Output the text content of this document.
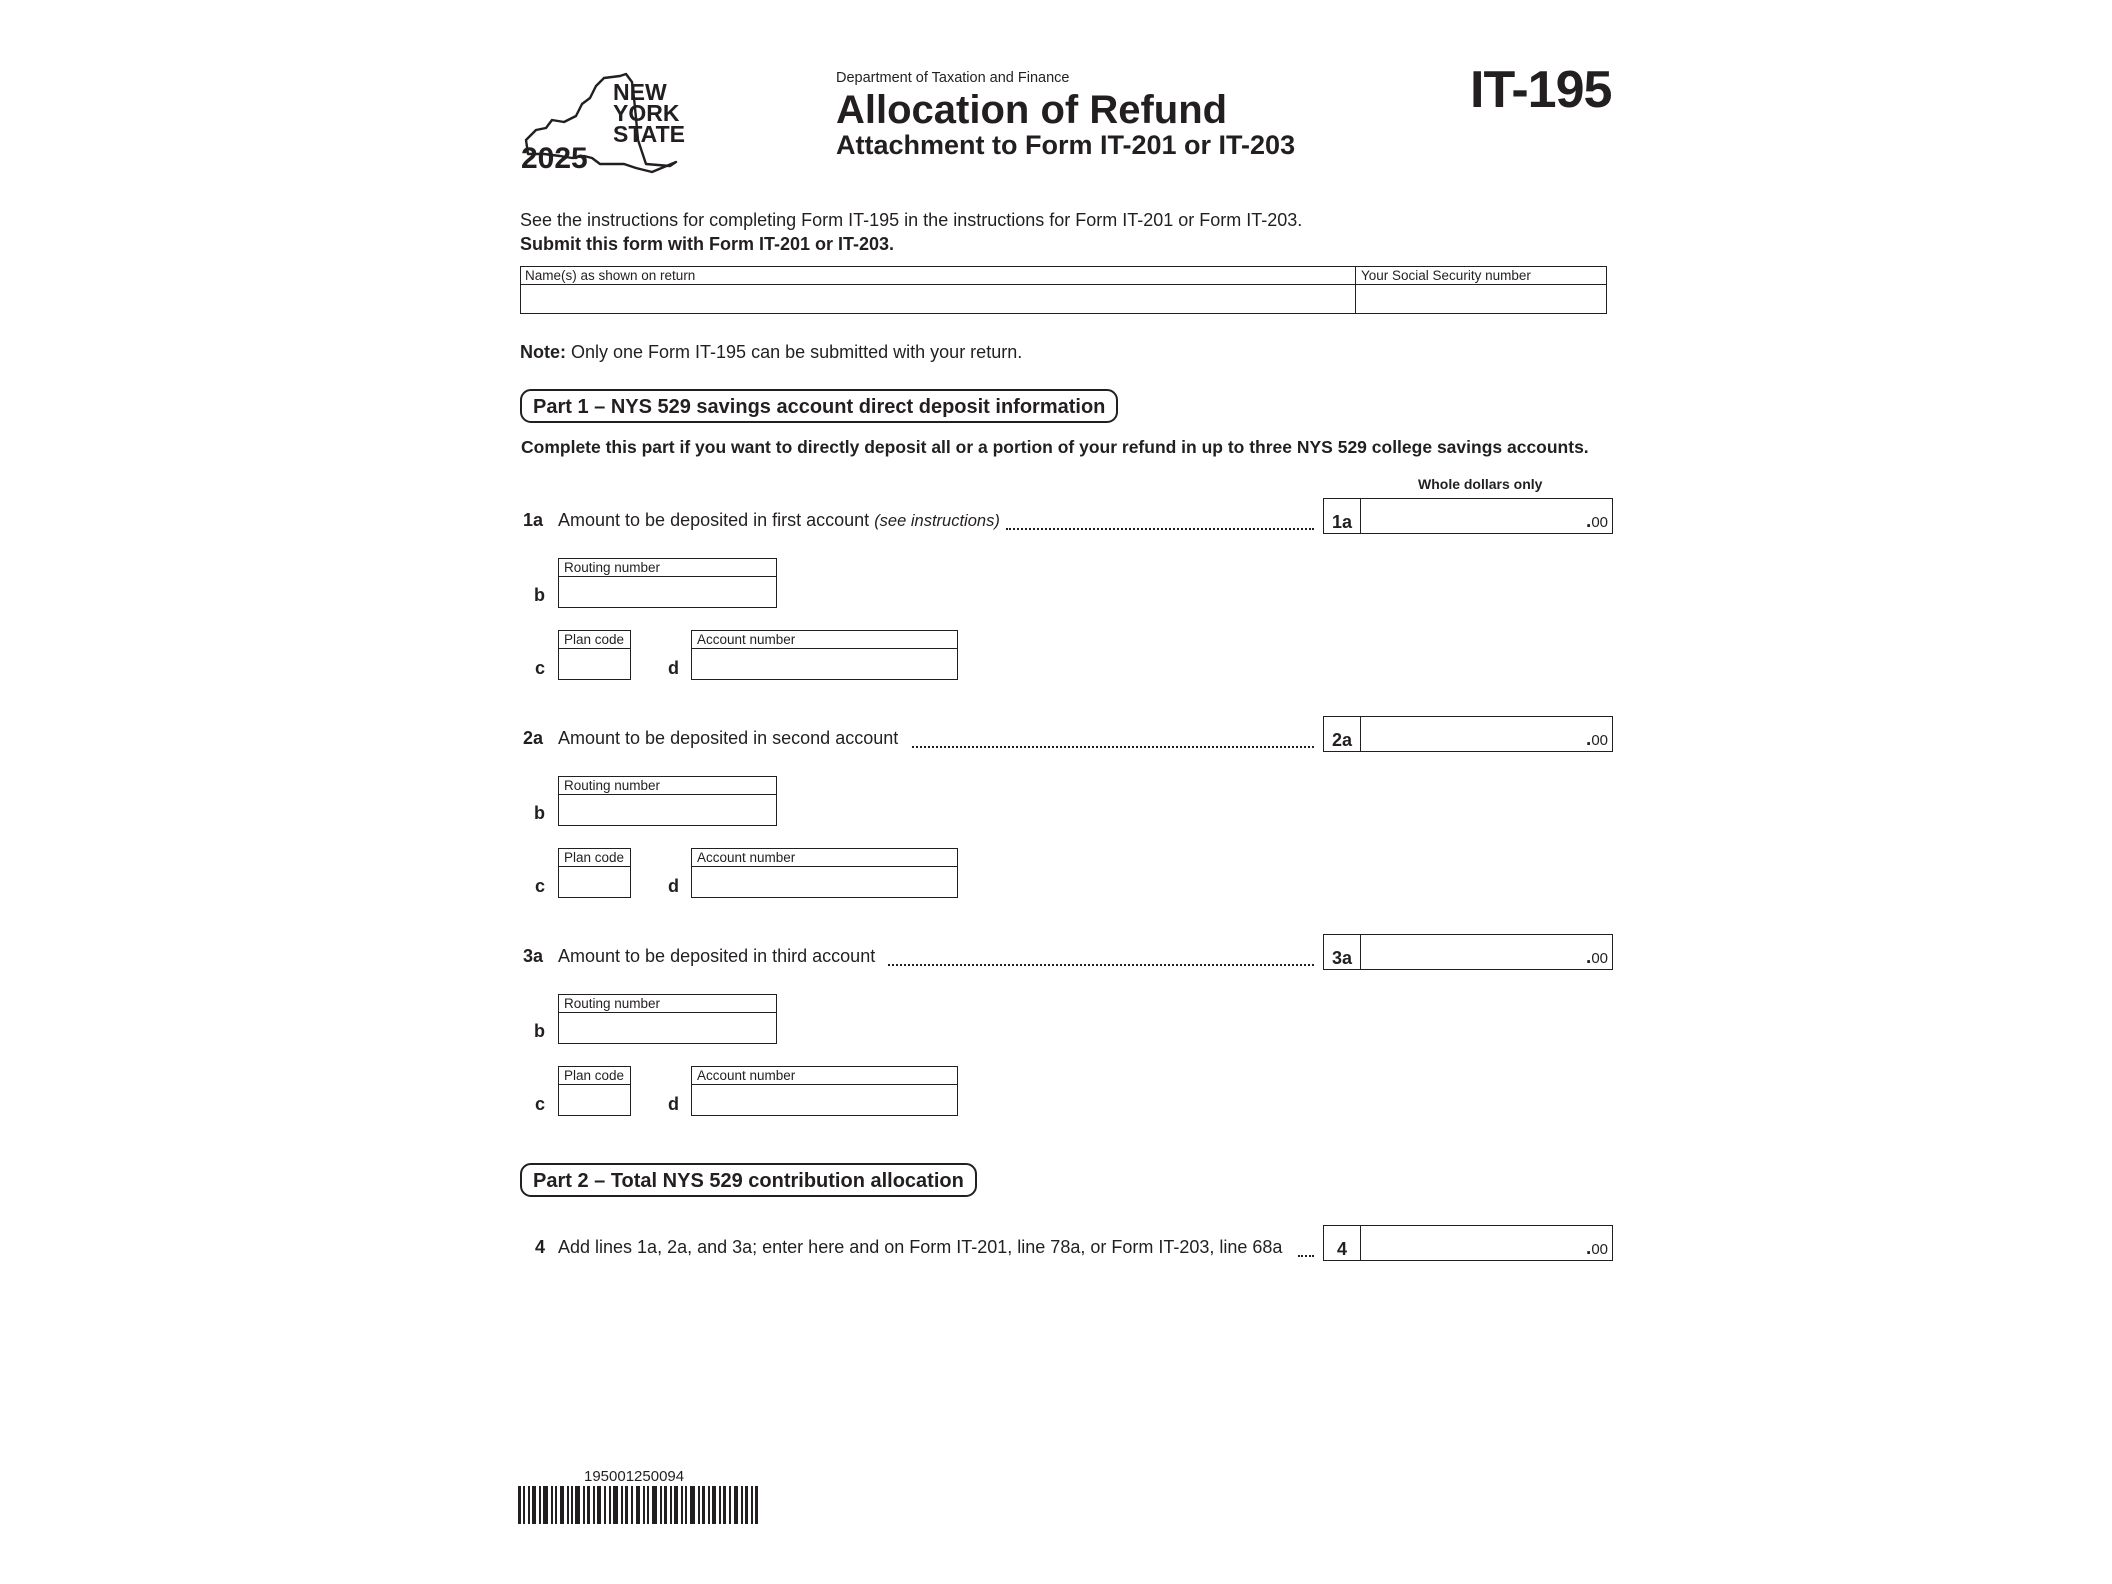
NEW
YORK
STATE
2025
Department of Taxation and Finance
Allocation of Refund
Attachment to Form IT-201 or IT-203
IT-195
See the instructions for completing Form IT-195 in the instructions for Form IT-201 or Form IT-203.
Submit this form with Form IT-201 or IT-203.
Name(s) as shown on return	Your Social Security number
Note: Only one Form IT-195 can be submitted with your return.
Part 1 – NYS 529 savings account direct deposit information
Complete this part if you want to directly deposit all or a portion of your refund in up to three NYS 529 college savings accounts.
Whole dollars only
1a Amount to be deposited in first account (see instructions)	1a	.00
b
Routing number
c
Plan code
d
Account number
2a Amount to be deposited in second account	2a	.00
b
Routing number
c
Plan code
d
Account number
3a Amount to be deposited in third account	3a	.00
b
Routing number
c
Plan code
d
Account number
Part 2 – Total NYS 529 contribution allocation
4 Add lines 1a, 2a, and 3a; enter here and on Form IT-201, line 78a, or Form IT-203, line 68a	4	.00
195001250094
